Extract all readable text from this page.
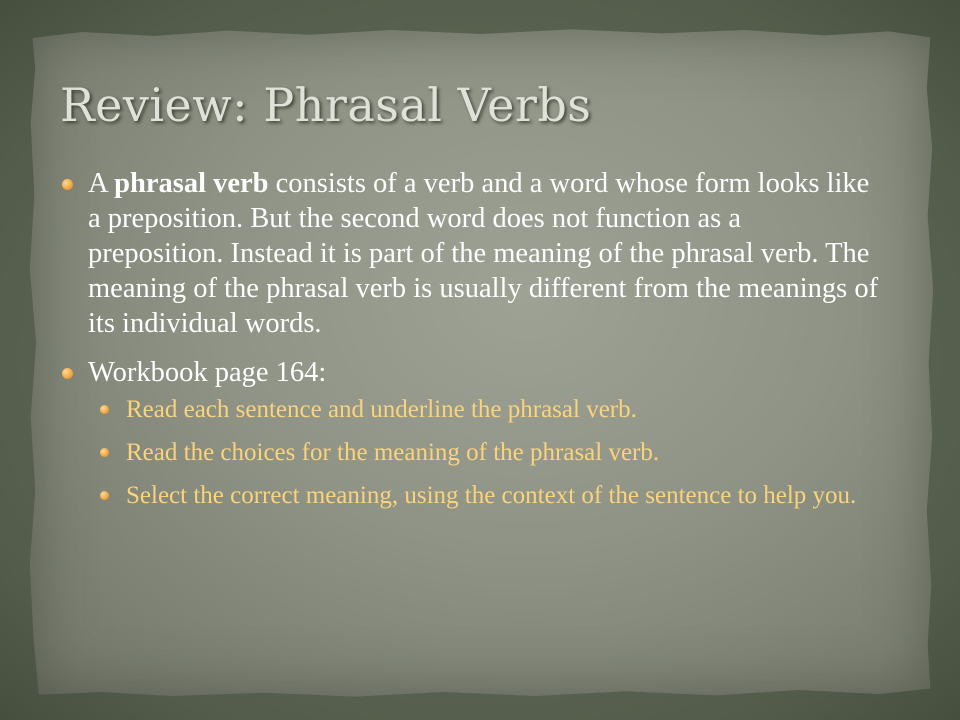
Review: Phrasal Verbs
A phrasal verb consists of a verb and a word whose form looks like a preposition. But the second word does not function as a preposition. Instead it is part of the meaning of the phrasal verb. The meaning of the phrasal verb is usually different from the meanings of its individual words.
Workbook page 164:
Read each sentence and underline the phrasal verb.
Read the choices for the meaning of the phrasal verb.
Select the correct meaning, using the context of the sentence to help you.
